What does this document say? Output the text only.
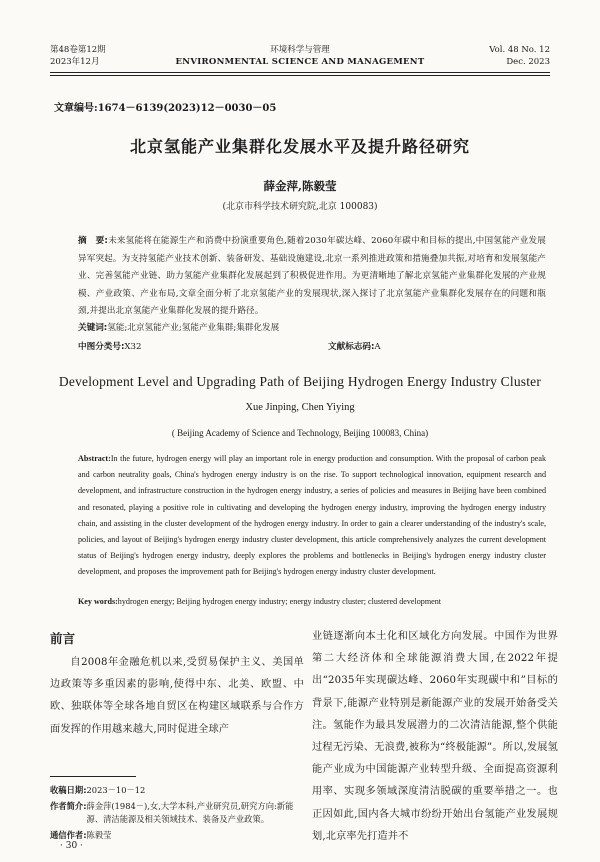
第48卷第12期
2023年12月
环境科学与管理
ENVIRONMENTAL SCIENCE AND MANAGEMENT
Vol. 48 No. 12
Dec. 2023
文章编号:1674－6139(2023)12－0030－05
北京氢能产业集群化发展水平及提升路径研究
薛金萍,陈毅莹
(北京市科学技术研究院,北京 100083)
摘　要:未来氢能将在能源生产和消费中扮演重要角色,随着2030年碳达峰、2060年碳中和目标的提出,中国氢能产业发展异军突起。为支持氢能产业技术创新、装备研发、基础设施建设,北京一系列推进政策和措施叠加共振,对培育和发展氢能产业、完善氢能产业链、助力氢能产业集群化发展起到了积极促进作用。为更清晰地了解北京氢能产业集群化发展的产业规模、产业政策、产业布局,文章全面分析了北京氢能产业的发展现状,深入探讨了北京氢能产业集群化发展存在的问题和瓶颈,并提出北京氢能产业集群化发展的提升路径。
关键词:氢能;北京氢能产业;氢能产业集群;集群化发展
中图分类号:X32	文献标志码:A
Development Level and Upgrading Path of Beijing Hydrogen Energy Industry Cluster
Xue Jinping, Chen Yiying
( Beijing Academy of Science and Technology, Beijing 100083, China)
Abstract:In the future, hydrogen energy will play an important role in energy production and consumption. With the proposal of carbon peak and carbon neutrality goals, China's hydrogen energy industry is on the rise. To support technological innovation, equipment research and development, and infrastructure construction in the hydrogen energy industry, a series of policies and measures in Beijing have been combined and resonated, playing a positive role in cultivating and developing the hydrogen energy industry, improving the hydrogen energy industry chain, and assisting in the cluster development of the hydrogen energy industry. In order to gain a clearer understanding of the industry's scale, policies, and layout of Beijing's hydrogen energy industry cluster development, this article comprehensively analyzes the current development status of Beijing's hydrogen energy industry, deeply explores the problems and bottlenecks in Beijing's hydrogen energy industry cluster development, and proposes the improvement path for Beijing's hydrogen energy industry cluster development.
Key words:hydrogen energy; Beijing hydrogen energy industry; energy industry cluster; clustered development
前言
自2008年金融危机以来,受贸易保护主义、美国单边政策等多重因素的影响,使得中东、北美、欧盟、中欧、独联体等全球各地自贸区在构建区域联系与合作方面发挥的作用越来越大,同时促进全球产
业链逐渐向本土化和区域化方向发展。中国作为世界第二大经济体和全球能源消费大国,在2022年提出“2035年实现碳达峰、2060年实现碳中和”目标的背景下,能源产业特别是新能源产业的发展开始备受关注。氢能作为最具发展潜力的二次清洁能源,整个供能过程无污染、无浪费,被称为“终极能源”。所以,发展氢能产业成为中国能源产业转型升级、全面提高资源利用率、实现多领域深度清洁脱碳的重要举措之一。也正因如此,国内各大城市纷纷开始出台氢能产业发展规划,北京率先打造并不
收稿日期: 2023－10－12
作者简介: 薛金萍(1984－),女,大学本科,产业研究员,研究方向:新能源、清洁能源及相关领域技术、装备及产业政策。
通信作者: 陈毅莹
· 30 ·
